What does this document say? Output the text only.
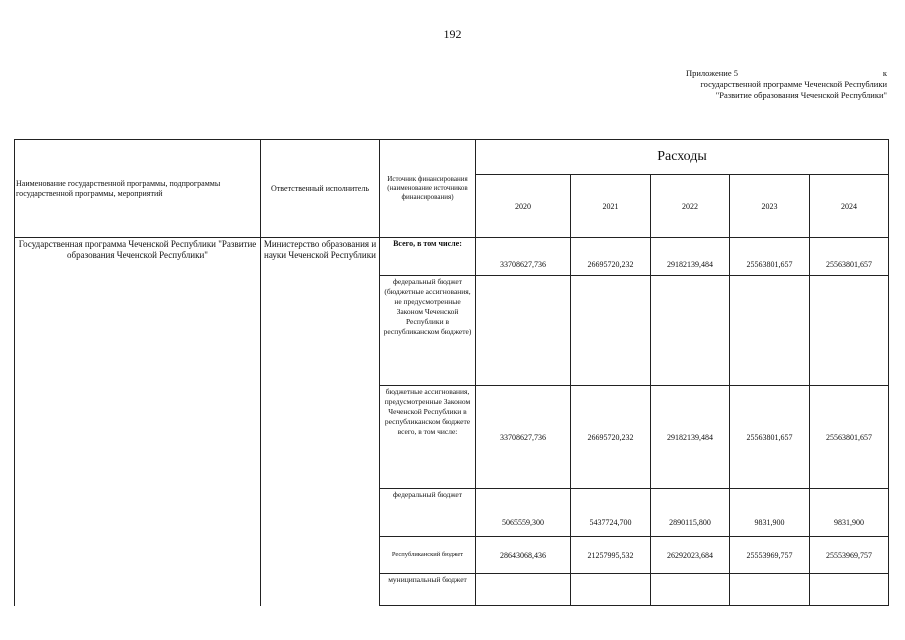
192
Приложение 5	к
государственной программе Чеченской Республики
"Развитие образования Чеченской Республики"
Наименование государственной программы, подпрограммы государственной программы, мероприятий	Ответственный исполнитель	Источник финансирования (наименование источников финансирования)	Расходы				
			2020	2021	2022	2023	2024
Государственная программа Чеченской Республики "Развитие образования Чеченской Республики"	Министерство образования и науки Чеченской Республики	Всего, в том числе:	33708627,736	26695720,232	29182139,484	25563801,657	25563801,657
		федеральный бюджет (бюджетные ассигнования, не предусмотренные Законом Чеченской Республики в республиканском бюджете)					
		бюджетные ассигнования, предусмотренные Законом Чеченской Республики в республиканском бюджете всего, в том числе:	33708627,736	26695720,232	29182139,484	25563801,657	25563801,657
		федеральный бюджет	5065559,300	5437724,700	2890115,800	9831,900	9831,900
		Республиканский бюджет	28643068,436	21257995,532	26292023,684	25553969,757	25553969,757
		муниципальный бюджет					
